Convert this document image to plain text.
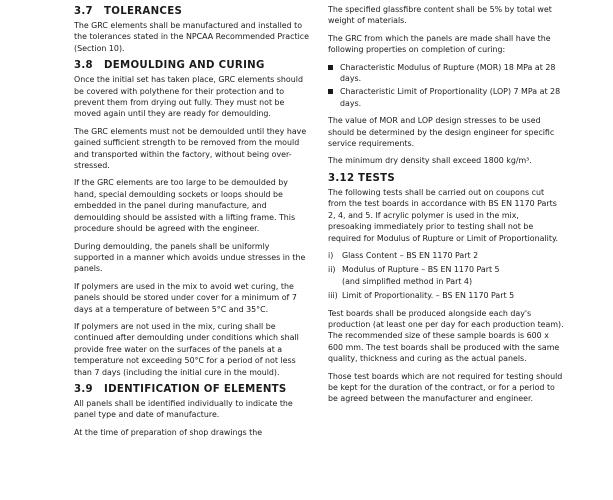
3.7 TOLERANCES

The GRC elements shall be manufactured and installed to the tolerances stated in the NPCAA Recommended Practice (Section 10).

3.8 DEMOULDING AND CURING

Once the initial set has taken place, GRC elements should be covered with polythene for their protection and to prevent them from drying out fully. They must not be moved again until they are ready for demoulding.

The GRC elements must not be demoulded until they have gained sufficient strength to be removed from the mould and transported within the factory, without being over-stressed.

If the GRC elements are too large to be demoulded by hand, special demoulding sockets or loops should be embedded in the panel during manufacture, and demoulding should be assisted with a lifting frame. This procedure should be agreed with the engineer.

During demoulding, the panels shall be uniformly supported in a manner which avoids undue stresses in the panels.

If polymers are used in the mix to avoid wet curing, the panels should be stored under cover for a minimum of 7 days at a temperature of between 5°C and 35°C.

If polymers are not used in the mix, curing shall be continued after demoulding under conditions which shall provide free water on the surfaces of the panels at a temperature not exceeding 50°C for a period of not less than 7 days (including the initial cure in the mould).

3.9 IDENTIFICATION OF ELEMENTS

All panels shall be identified individually to indicate the panel type and date of manufacture.

At the time of preparation of shop drawings the

The specified glassfibre content shall be 5% by total wet weight of materials.

The GRC from which the panels are made shall have the following properties on completion of curing:

Characteristic Modulus of Rupture (MOR) 18 MPa at 28 days.
Characteristic Limit of Proportionality (LOP) 7 MPa at 28 days.

The value of MOR and LOP design stresses to be used should be determined by the design engineer for specific service requirements.

The minimum dry density shall exceed 1800 kg/m³.

3.12 TESTS

The following tests shall be carried out on coupons cut from the test boards in accordance with BS EN 1170 Parts 2, 4, and 5. If acrylic polymer is used in the mix, presoaking immediately prior to testing shall not be required for Modulus of Rupture or Limit of Proportionality.

i) Glass Content – BS EN 1170 Part 2
ii) Modulus of Rupture – BS EN 1170 Part 5
(and simplified method in Part 4)
iii) Limit of Proportionality. – BS EN 1170 Part 5

Test boards shall be produced alongside each day's production (at least one per day for each production team). The recommended size of these sample boards is 600 x 600 mm. The test boards shall be produced with the same quality, thickness and curing as the actual panels.

Those test boards which are not required for testing should be kept for the duration of the contract, or for a period to be agreed between the manufacturer and engineer.
